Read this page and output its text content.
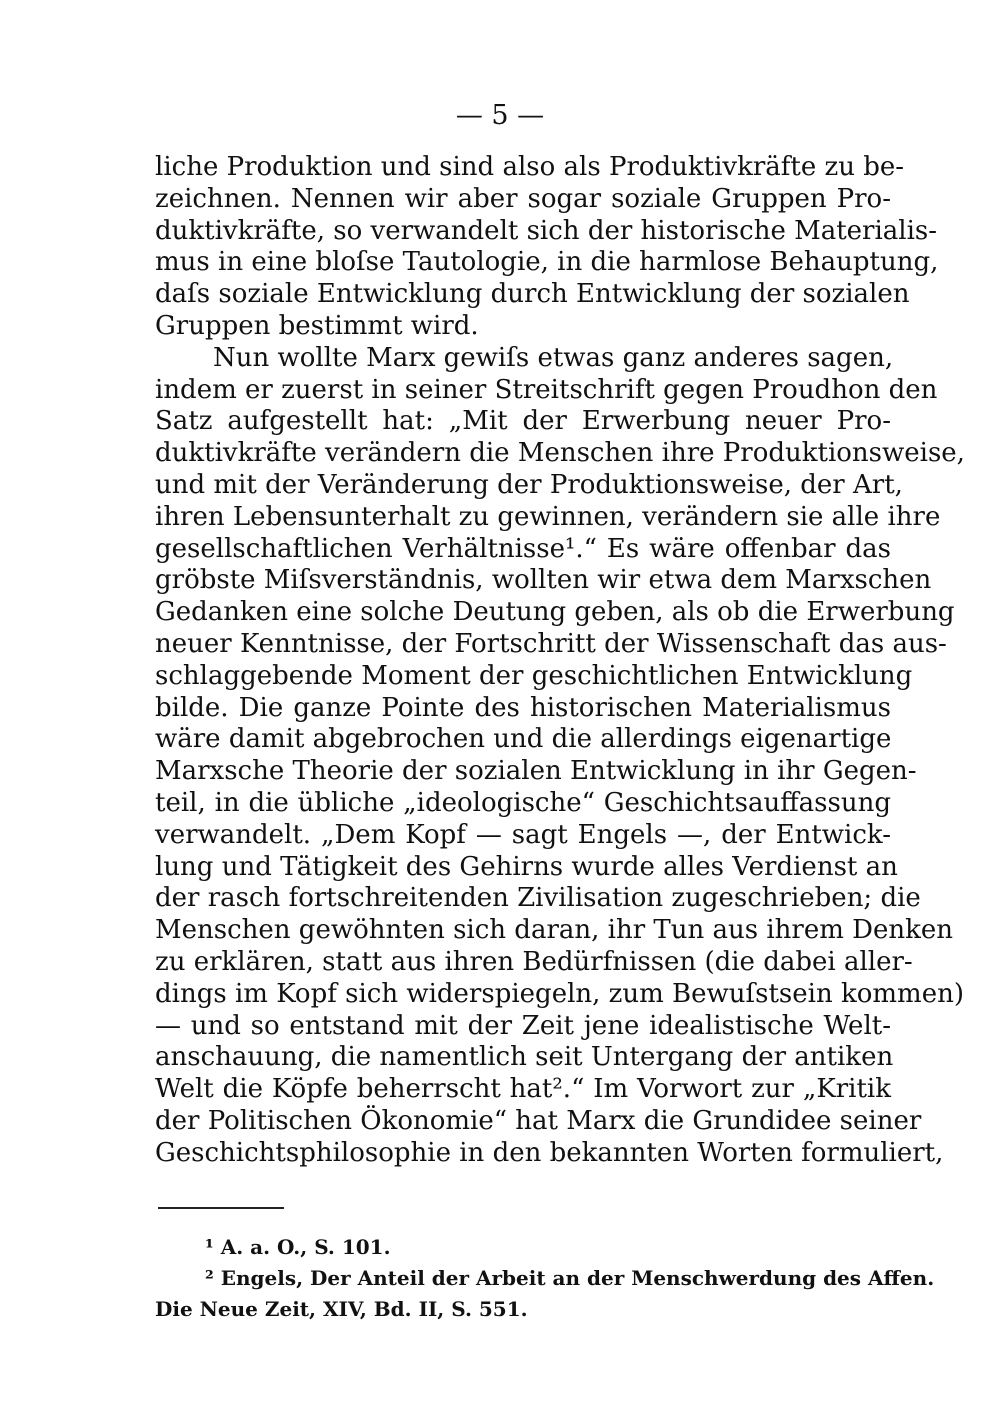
— 5 —
liche Produktion und sind also als Produktivkräfte zu be-
zeichnen. Nennen wir aber sogar soziale Gruppen Pro-
duktivkräfte, so verwandelt sich der historische Materialis-
mus in eine bloſse Tautologie, in die harmlose Behauptung,
daſs soziale Entwicklung durch Entwicklung der sozialen
Gruppen bestimmt wird.
Nun wollte Marx gewiſs etwas ganz anderes sagen,
indem er zuerst in seiner Streitschrift gegen Proudhon den
Satz aufgestellt hat: „Mit der Erwerbung neuer Pro-
duktivkräfte verändern die Menschen ihre Produktionsweise,
und mit der Veränderung der Produktionsweise, der Art,
ihren Lebensunterhalt zu gewinnen, verändern sie alle ihre
gesellschaftlichen Verhältnisse¹.“ Es wäre offenbar das
gröbste Miſsverständnis, wollten wir etwa dem Marxschen
Gedanken eine solche Deutung geben, als ob die Erwerbung
neuer Kenntnisse, der Fortschritt der Wissenschaft das aus-
schlaggebende Moment der geschichtlichen Entwicklung
bilde. Die ganze Pointe des historischen Materialismus
wäre damit abgebrochen und die allerdings eigenartige
Marxsche Theorie der sozialen Entwicklung in ihr Gegen-
teil, in die übliche „ideologische“ Geschichtsauffassung
verwandelt. „Dem Kopf — sagt Engels —, der Entwick-
lung und Tätigkeit des Gehirns wurde alles Verdienst an
der rasch fortschreitenden Zivilisation zugeschrieben; die
Menschen gewöhnten sich daran, ihr Tun aus ihrem Denken
zu erklären, statt aus ihren Bedürfnissen (die dabei aller-
dings im Kopf sich widerspiegeln, zum Bewuſstsein kommen)
— und so entstand mit der Zeit jene idealistische Welt-
anschauung, die namentlich seit Untergang der antiken
Welt die Köpfe beherrscht hat².“ Im Vorwort zur „Kritik
der Politischen Ökonomie“ hat Marx die Grundidee seiner
Geschichtsphilosophie in den bekannten Worten formuliert,
¹ A. a. O., S. 101.
² Engels, Der Anteil der Arbeit an der Menschwerdung des Affen.
Die Neue Zeit, XIV, Bd. II, S. 551.
